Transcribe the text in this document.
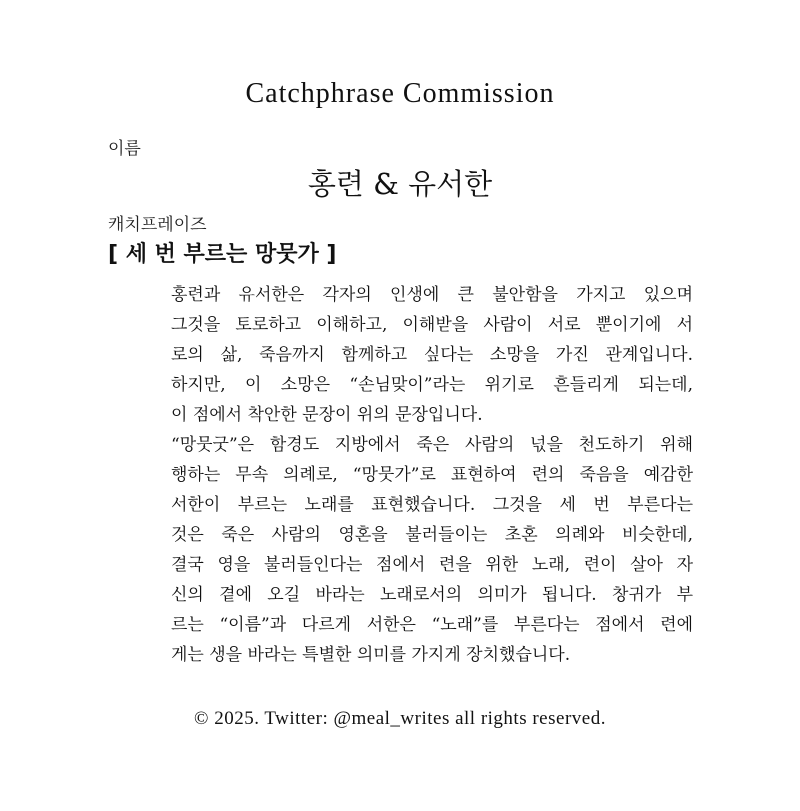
Catchphrase Commission
이름
홍련 & 유서한
캐치프레이즈
[ 세 번 부르는 망뭇가 ]
홍련과 유서한은 각자의 인생에 큰 불안함을 가지고 있으며
그것을 토로하고 이해하고, 이해받을 사람이 서로 뿐이기에 서
로의 삶, 죽음까지 함께하고 싶다는 소망을 가진 관계입니다.
하지만, 이 소망은 “손님맞이”라는 위기로 흔들리게 되는데,
이 점에서 착안한 문장이 위의 문장입니다.
“망뭇굿”은 함경도 지방에서 죽은 사람의 넋을 천도하기 위해
행하는 무속 의례로, “망뭇가”로 표현하여 련의 죽음을 예감한
서한이 부르는 노래를 표현했습니다. 그것을 세 번 부른다는
것은 죽은 사람의 영혼을 불러들이는 초혼 의례와 비슷한데,
결국 영을 불러들인다는 점에서 련을 위한 노래, 련이 살아 자
신의 곁에 오길 바라는 노래로서의 의미가 됩니다. 창귀가 부
르는 “이름”과 다르게 서한은 “노래”를 부른다는 점에서 련에
게는 생을 바라는 특별한 의미를 가지게 장치했습니다.
© 2025. Twitter: @meal_writes all rights reserved.
